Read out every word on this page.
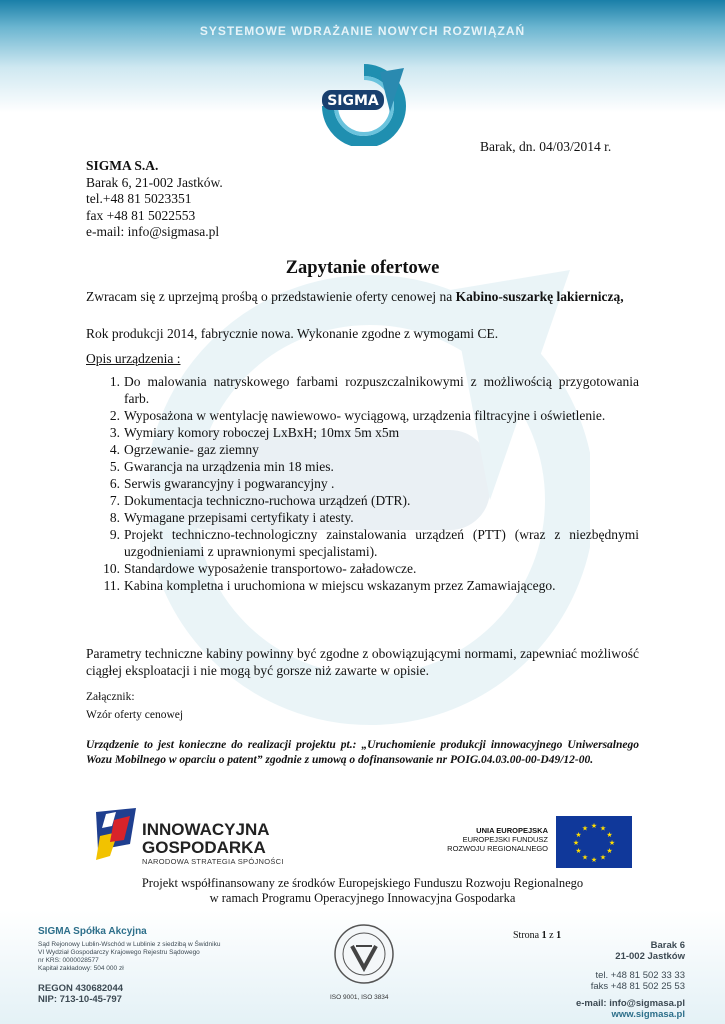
SYSTEMOWE WDRAŻANIE NOWYCH ROZWIĄZAŃ
SIGMA
Barak, dn. 04/03/2014 r.
SIGMA S.A.
Barak 6, 21-002 Jastków.
tel.+48 81 5023351
fax +48 81 5022553
e-mail: info@sigmasa.pl
Zapytanie ofertowe
Zwracam się z uprzejmą prośbą o przedstawienie oferty cenowej na Kabino-suszarkę lakierniczą,
Rok produkcji 2014, fabrycznie nowa. Wykonanie zgodne z wymogami CE.
Opis urządzenia :
1. Do malowania natryskowego farbami rozpuszczalnikowymi z możliwością przygotowania farb.
2. Wyposażona w wentylację nawiewowo- wyciągową, urządzenia filtracyjne i oświetlenie.
3. Wymiary komory roboczej LxBxH; 10mx 5m x5m
4. Ogrzewanie- gaz ziemny
5. Gwarancja na urządzenia min 18 mies.
6. Serwis gwarancyjny i pogwarancyjny .
7. Dokumentacja techniczno-ruchowa urządzeń (DTR).
8. Wymagane przepisami certyfikaty i atesty.
9. Projekt techniczno-technologiczny zainstalowania urządzeń (PTT) (wraz z niezbędnymi uzgodnieniami z uprawnionymi specjalistami).
10. Standardowe wyposażenie transportowo- załadowcze.
11. Kabina kompletna i uruchomiona w miejscu wskazanym przez Zamawiającego.
Parametry techniczne kabiny powinny być zgodne z obowiązującymi normami, zapewniać możliwość ciągłej eksploatacji i nie mogą być gorsze niż zawarte w opisie.
Załącznik:
Wzór oferty cenowej
Urządzenie to jest konieczne do realizacji projektu pt.: „Uruchomienie produkcji innowacyjnego Uniwersalnego Wozu Mobilnego w oparciu o patent” zgodnie z umową o dofinansowanie nr POIG.04.03.00-00-D49/12-00.
INNOWACYJNA
GOSPODARKA
NARODOWA STRATEGIA SPÓJNOŚCI
UNIA EUROPEJSKA
EUROPEJSKI FUNDUSZ
ROZWOJU REGIONALNEGO
★ ★
★
★
★
★
★
★
★
★
★
★
Projekt współfinansowany ze środków Europejskiego Funduszu Rozwoju Regionalnego
w ramach Programu Operacyjnego Innowacyjna Gospodarka
SIGMA Spółka Akcyjna
Sąd Rejonowy Lublin-Wschód w Lublinie z siedzibą w Świdniku
VI Wydział Gospodarczy Krajowego Rejestru Sądowego
nr KRS: 0000028577
Kapitał zakładowy: 504 000 zł
REGON 430682044
NIP: 713-10-45-797
Strona 1 z 1
ISO 9001, ISO 3834
Barak 6
21-002 Jastków
tel. +48 81 502 33 33
faks +48 81 502 25 53
e-mail: info@sigmasa.pl
www.sigmasa.pl
